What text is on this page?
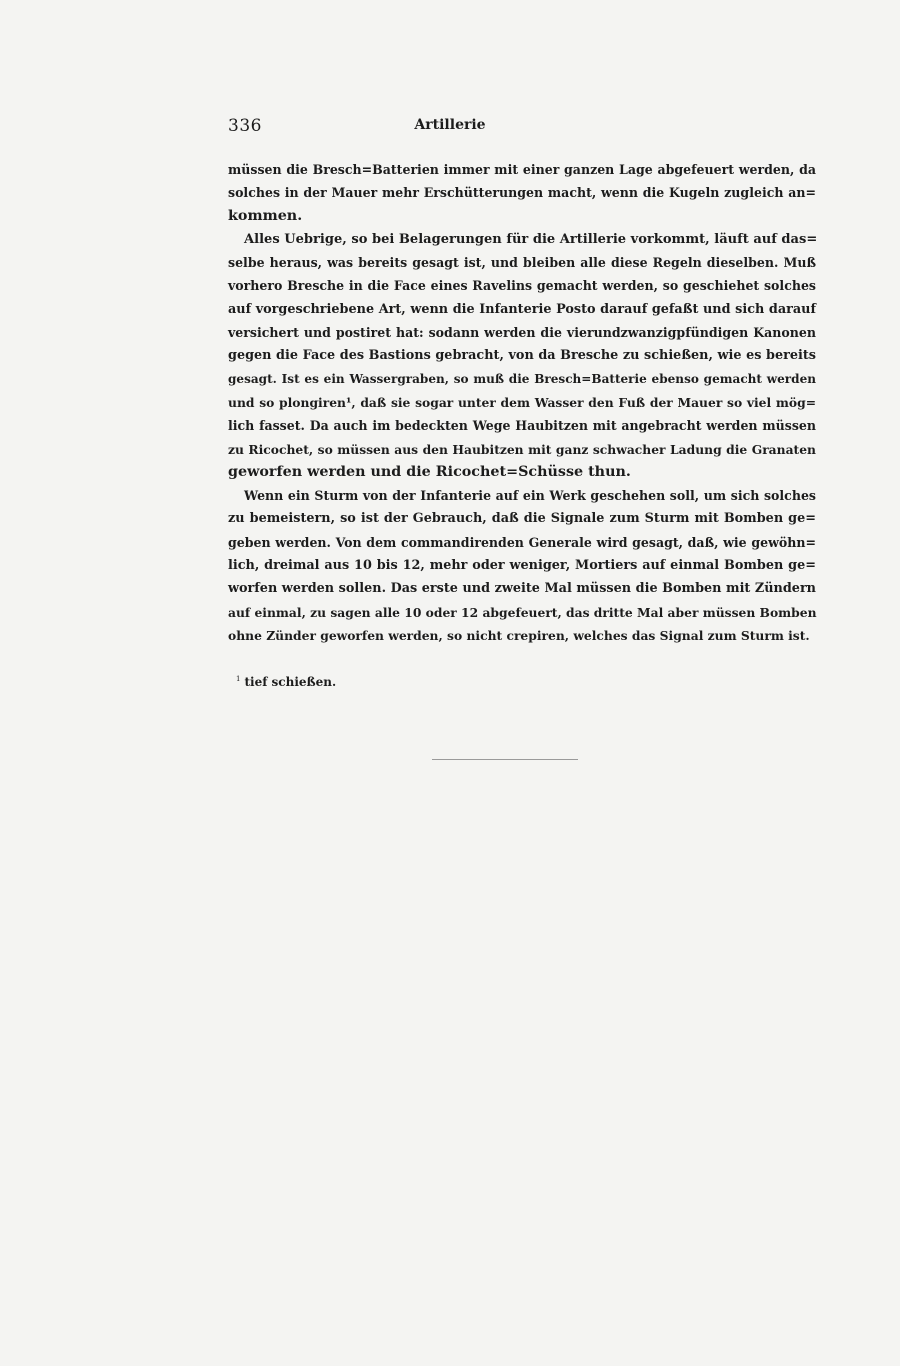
336	Artillerie
müssen die Bresch=Batterien immer mit einer ganzen Lage abgefeuert werden, da
solches in der Mauer mehr Erschütterungen macht, wenn die Kugeln zugleich an=
kommen.
Alles Uebrige, so bei Belagerungen für die Artillerie vorkommt, läuft auf das=
selbe heraus, was bereits gesagt ist, und bleiben alle diese Regeln dieselben. Muß
vorhero Bresche in die Face eines Ravelins gemacht werden, so geschiehet solches
auf vorgeschriebene Art, wenn die Infanterie Posto darauf gefaßt und sich darauf
versichert und postiret hat: sodann werden die vierundzwanzigpfündigen Kanonen
gegen die Face des Bastions gebracht, von da Bresche zu schießen, wie es bereits
gesagt. Ist es ein Wassergraben, so muß die Bresch=Batterie ebenso gemacht werden
und so plongiren¹, daß sie sogar unter dem Wasser den Fuß der Mauer so viel mög=
lich fasset. Da auch im bedeckten Wege Haubitzen mit angebracht werden müssen
zu Ricochet, so müssen aus den Haubitzen mit ganz schwacher Ladung die Granaten
geworfen werden und die Ricochet=Schüsse thun.
Wenn ein Sturm von der Infanterie auf ein Werk geschehen soll, um sich solches
zu bemeistern, so ist der Gebrauch, daß die Signale zum Sturm mit Bomben ge=
geben werden. Von dem commandirenden Generale wird gesagt, daß, wie gewöhn=
lich, dreimal aus 10 bis 12, mehr oder weniger, Mortiers auf einmal Bomben ge=
worfen werden sollen. Das erste und zweite Mal müssen die Bomben mit Zündern
auf einmal, zu sagen alle 10 oder 12 abgefeuert, das dritte Mal aber müssen Bomben
ohne Zünder geworfen werden, so nicht crepiren, welches das Signal zum Sturm ist.
$^1$ tief schießen.
